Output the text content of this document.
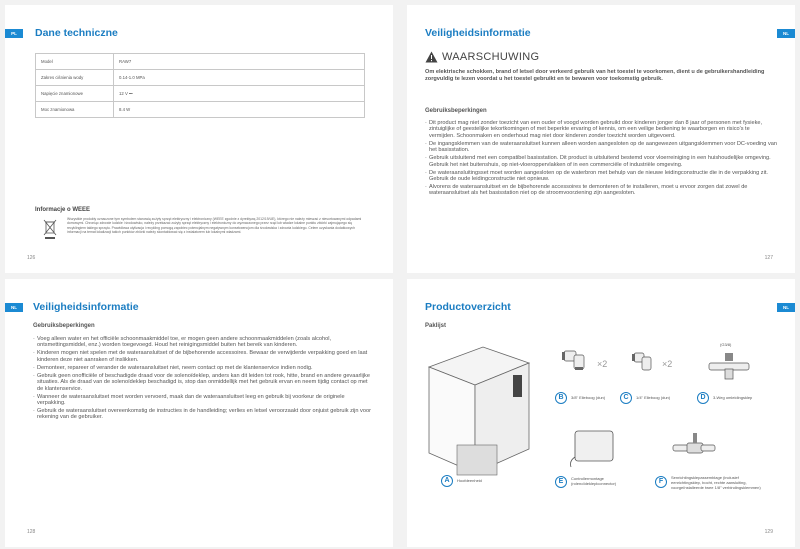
PL	Dane techniczne
Model	RAW7
Zakres ciśnienia wody	0.14-1.0 MPa
Napięcie znamionowe	12 V ⎓
Moc znamionowa	8.4 W
Informacje o WEEE
Wszystkie produkty oznaczone tym symbolem stanowią zużyty sprzęt elektryczny i elektroniczny (WEEE zgodnie z dyrektywą 2012/19/UE), którego nie należy mieszać z niesortowanymi odpadami domowymi. Chroniąc zdrowie ludzkie i środowisko, należy przekazać zużyty sprzęt elektryczny i elektroniczny do wyznaczonego przez rząd lub władze lokalne punktu zbiórki zajmującego się recyklingiem takiego sprzętu. Prawidłowa utylizacja i recykling pomogą zapobiec potencjalnym negatywnym konsekwencjom dla środowiska i zdrowia ludzkiego. Celem uzyskania dodatkowych informacji na temat lokalizacji takich punktów zbiórki należy skontaktować się z instalatorem lub lokalnymi władzami.
126
NL
Veiligheidsinformatie
WAARSCHUWING
Om elektrische schokken, brand of letsel door verkeerd gebruik van het toestel te voorkomen, dient u de gebruikershandleiding zorgvuldig te lezen voordat u het toestel gebruikt en te bewaren voor toekomstig gebruik.
Gebruiksbeperkingen
· Dit product mag niet zonder toezicht van een ouder of voogd worden gebruikt door kinderen jonger dan 8 jaar of personen met fysieke, zintuiglijke of geestelijke tekortkomingen of met beperkte ervaring of kennis, om een veilige bediening te waarborgen en risico's te vermijden. Schoonmaken en onderhoud mag niet door kinderen zonder toezicht worden uitgevoerd.
· De ingangsklemmen van de wateraansluitset kunnen alleen worden aangesloten op de aangewezen uitgangsklemmen voor DC-voeding van het basisstation.
· Gebruik uitsluitend met een compatibel basisstation. Dit product is uitsluitend bestemd voor vloerreiniging in een huishoudelijke omgeving. Gebruik het niet buitenshuis, op niet-vloeroppervlakken of in een commerciële of industriële omgeving.
· De wateraansluitingsset moet worden aangesloten op de waterbron met behulp van de nieuwe leidingconstructie die in de verpakking zit. Gebruik de oude leidingconstructie niet opnieuw.
· Alvorens de wateraansluitset en de bijbehorende accessoires te demonteren of te installeren, moet u ervoor zorgen dat zowel de wateraansluitset als het basisstation niet op de stroomvoorziening zijn aangesloten.
127
NL	Veiligheidsinformatie
Gebruiksbeperkingen
· Voeg alleen water en het officiële schoonmaakmiddel toe, er mogen geen andere schoonmaakmiddelen (zoals alcohol, ontsmettingsmiddel, enz.) worden toegevoegd. Houd het reinigingsmiddel buiten het bereik van kinderen.
· Kinderen mogen niet spelen met de wateraansluitset of de bijbehorende accessoires. Bewaar de verwijderde verpakking goed en laat kinderen deze niet aanraken of inslikken.
· Demonteer, repareer of verander de wateraansluitset niet, neem contact op met de klantenservice indien nodig.
· Gebruik geen onofficiële of beschadigde draad voor de solenoïdeklep, anders kan dit leiden tot rook, hitte, brand en andere gevaarlijke situaties. Als de draad van de solenoïdeklep beschadigd is, stop dan onmiddellijk met het gebruik ervan en neem tijdig contact op met de klantenservice.
· Wanneer de wateraansluitset moet worden vervoerd, maak dan de wateraansluitset leeg en gebruik bij voorkeur de originele verpakking.
· Gebruik de wateraansluitset overeenkomstig de instructies in de handleiding; verlies en letsel veroorzaakt door onjuist gebruik zijn voor rekening van de gebruiker.
128
NL
Productoverzicht
Paklijst
A	Hoofdeenheid
×2
B	3/8" Elleboog (dun)
×2
C	1/4" Elleboog (dun)
(G3/8)
D	3-Weg omleidingsklep
E	Controllermontage (rolenoïdekleplconnector)	F
Senrichtingsklepassemblage (inclusief eenrichtingsklep, bocht, rechte aansluiting, voorgeïnstalleerde twee 1/8" verbindingsklemmen)
129
